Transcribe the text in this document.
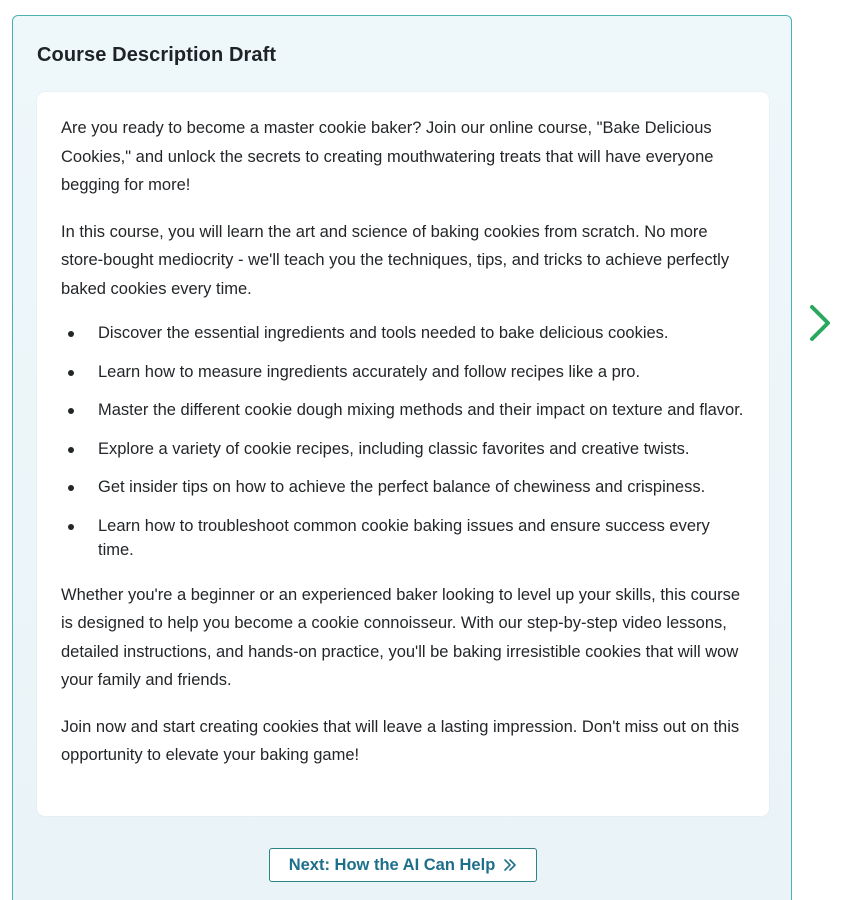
Course Description Draft

Are you ready to become a master cookie baker? Join our online course, "Bake Delicious Cookies," and unlock the secrets to creating mouthwatering treats that will have everyone begging for more!

In this course, you will learn the art and science of baking cookies from scratch. No more store-bought mediocrity - we'll teach you the techniques, tips, and tricks to achieve perfectly baked cookies every time.

Discover the essential ingredients and tools needed to bake delicious cookies.
Learn how to measure ingredients accurately and follow recipes like a pro.
Master the different cookie dough mixing methods and their impact on texture and flavor.
Explore a variety of cookie recipes, including classic favorites and creative twists.
Get insider tips on how to achieve the perfect balance of chewiness and crispiness.
Learn how to troubleshoot common cookie baking issues and ensure success every time.

Whether you're a beginner or an experienced baker looking to level up your skills, this course is designed to help you become a cookie connoisseur. With our step-by-step video lessons, detailed instructions, and hands-on practice, you'll be baking irresistible cookies that will wow your family and friends.

Join now and start creating cookies that will leave a lasting impression. Don't miss out on this opportunity to elevate your baking game!

Next: How the AI Can Help
